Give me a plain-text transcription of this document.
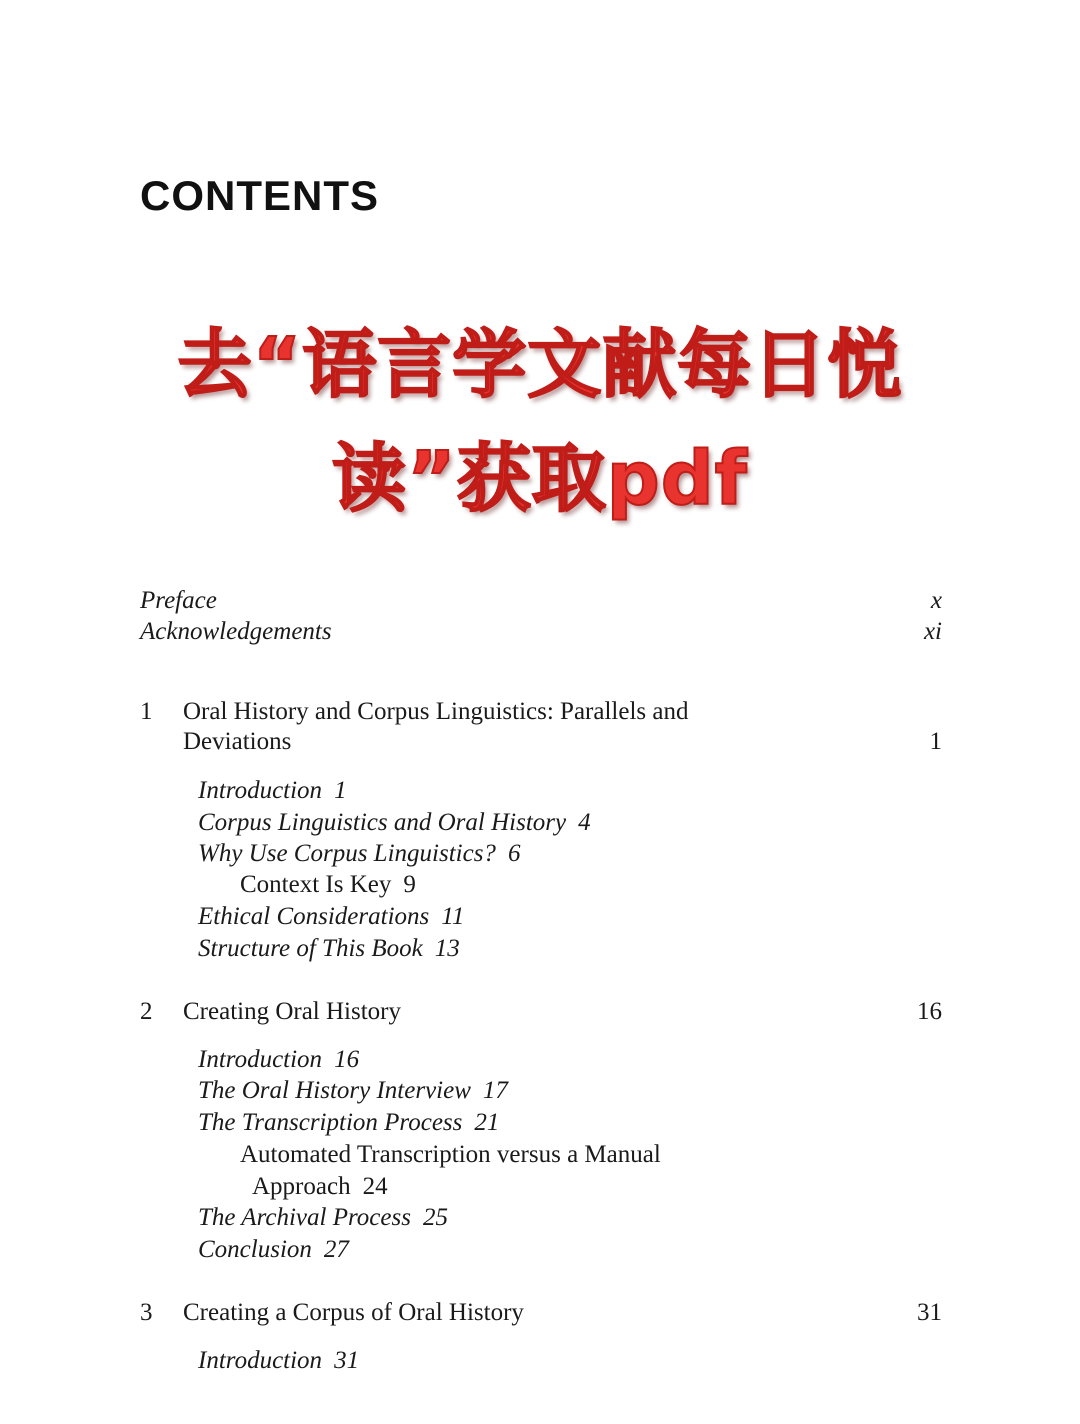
CONTENTS
去“语言学文献每日悦
读”获取pdf
Preface	x
Acknowledgements	xi
1 Oral History and Corpus Linguistics: Parallels and
Deviations	1
Introduction 1
Corpus Linguistics and Oral History 4
Why Use Corpus Linguistics? 6
Context Is Key 9
Ethical Considerations 11
Structure of This Book 13
2 Creating Oral History	16
Introduction 16
The Oral History Interview 17
The Transcription Process 21
Automated Transcription versus a Manual
Approach 24
The Archival Process 25
Conclusion 27
3 Creating a Corpus of Oral History	31
Introduction 31
